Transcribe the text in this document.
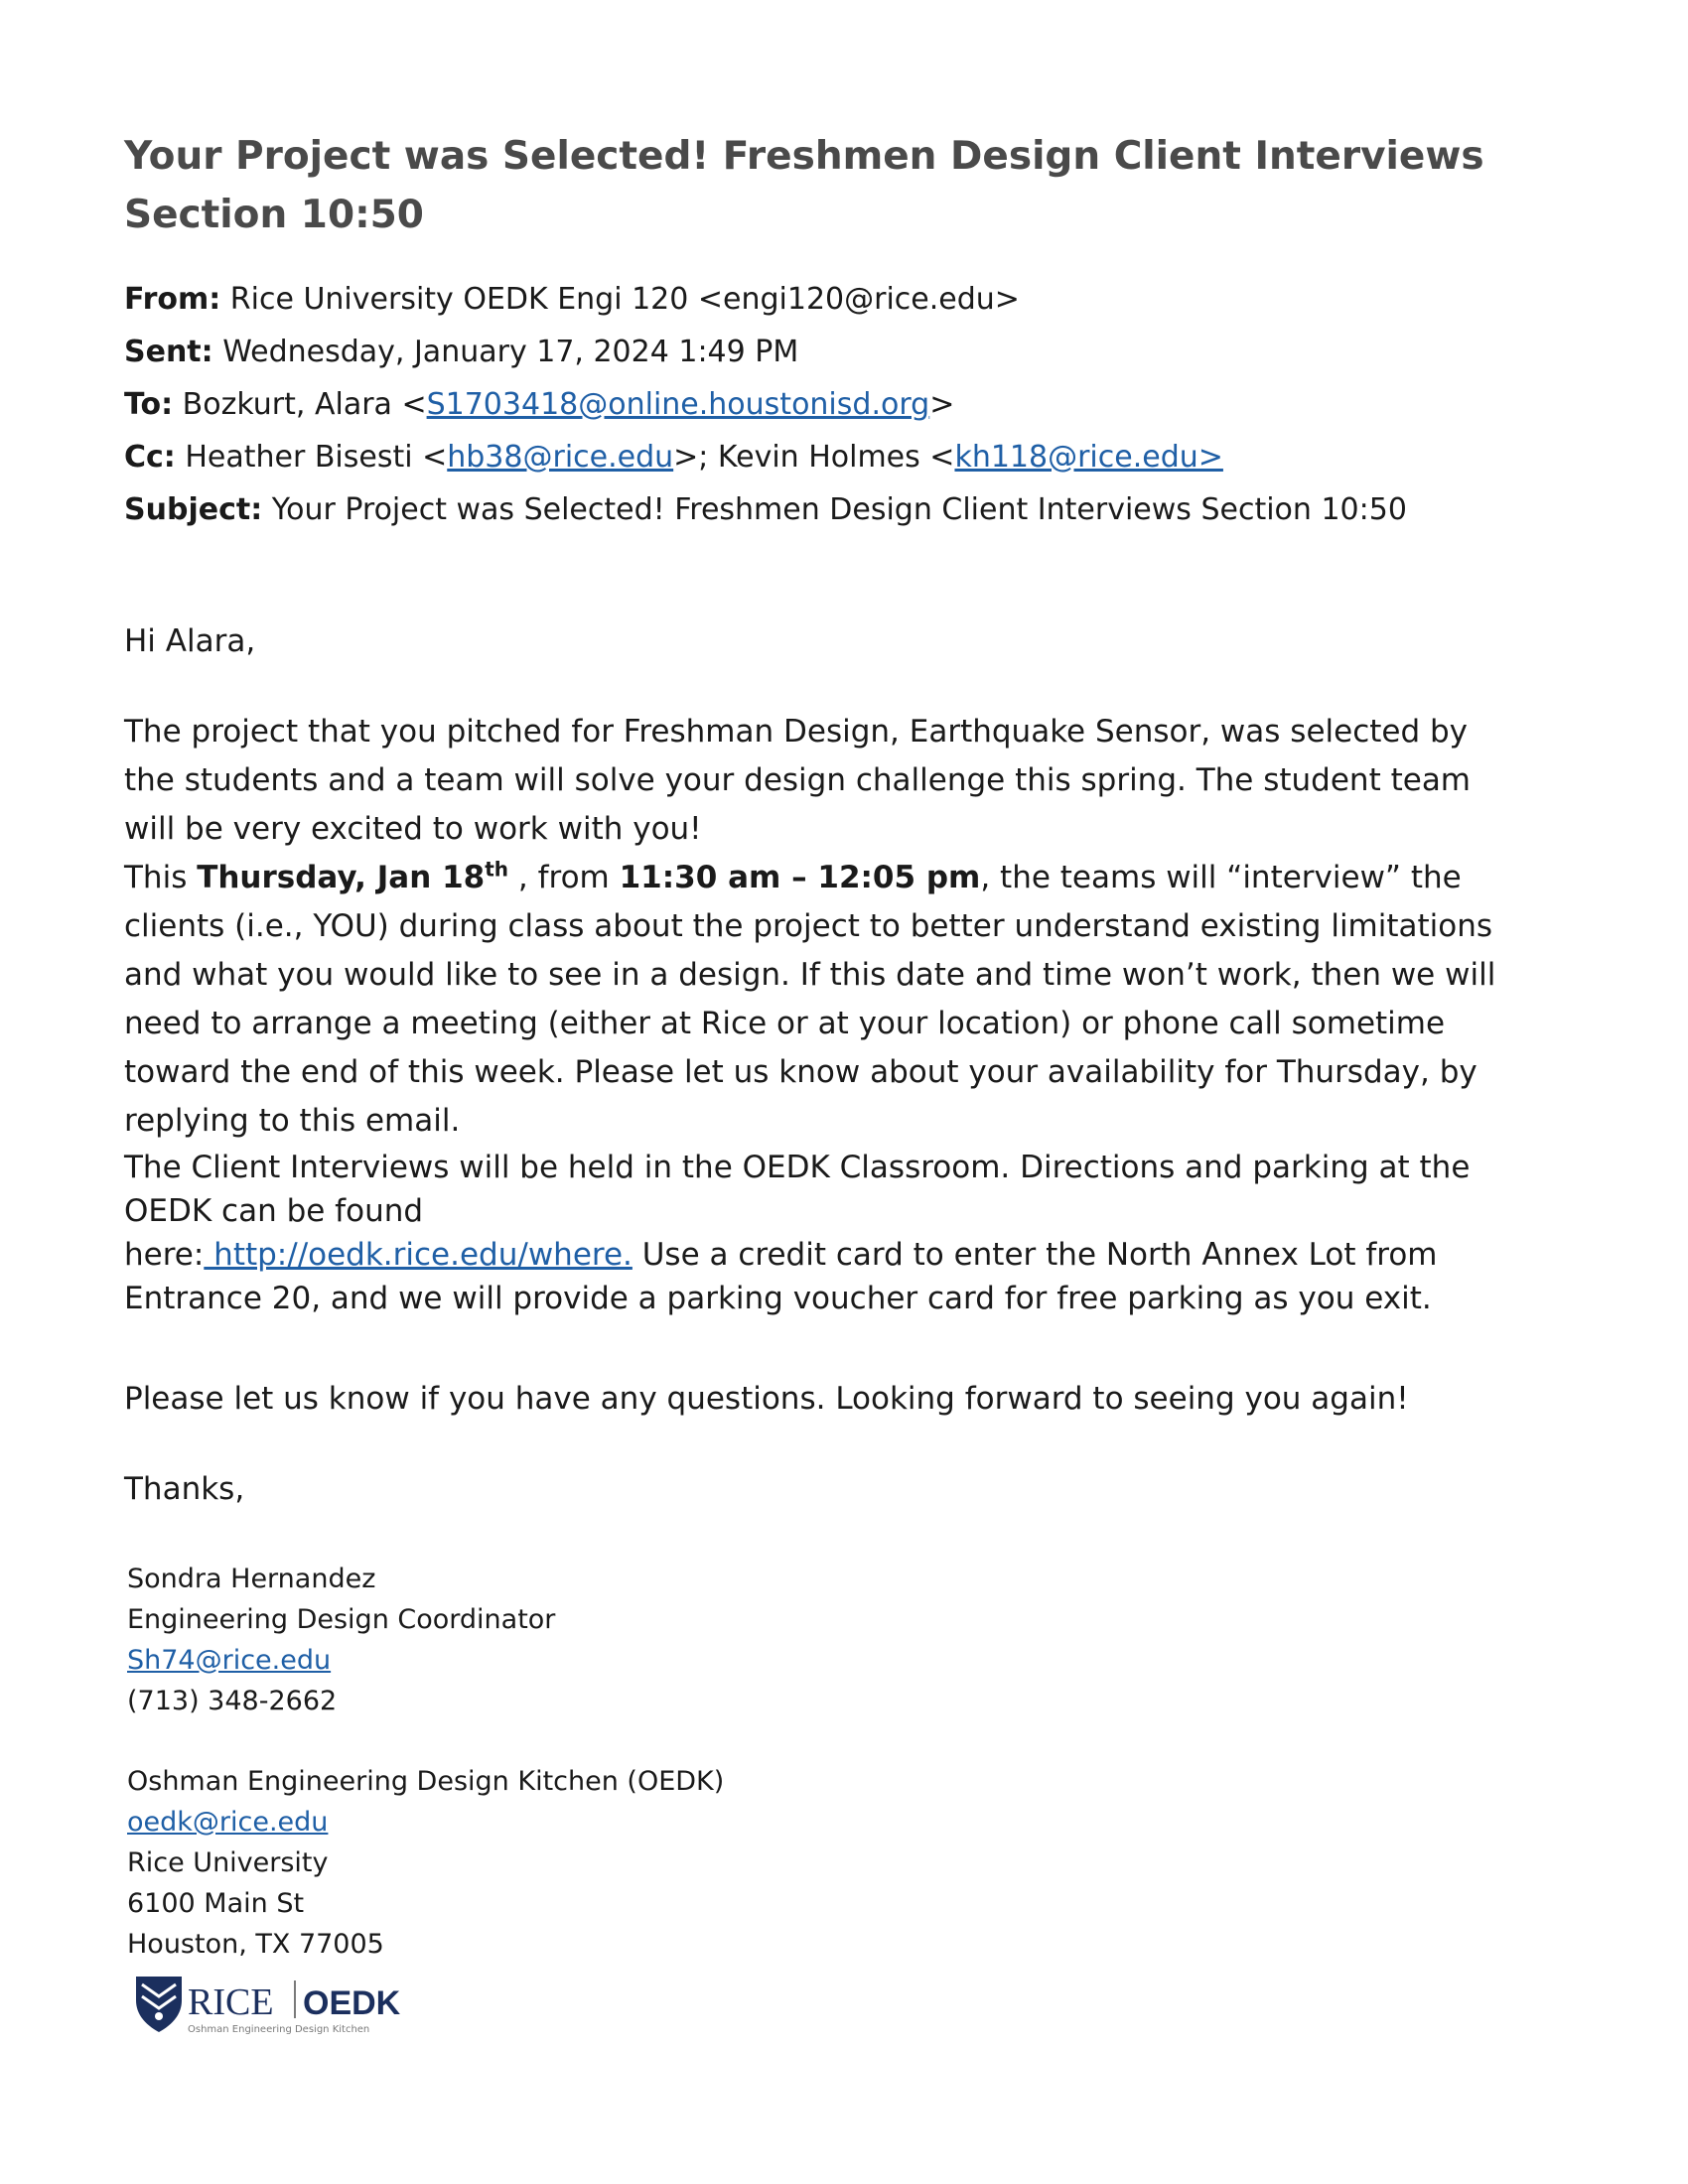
Your Project was Selected! Freshmen Design Client Interviews Section 10:50
From: Rice University OEDK Engi 120 <engi120@rice.edu>
Sent: Wednesday, January 17, 2024 1:49 PM
To: Bozkurt, Alara <S1703418@online.houstonisd.org>
Cc: Heather Bisesti <hb38@rice.edu>; Kevin Holmes <kh118@rice.edu>
Subject: Your Project was Selected! Freshmen Design Client Interviews Section 10:50

Hi Alara,

The project that you pitched for Freshman Design, Earthquake Sensor, was selected by the students and a team will solve your design challenge this spring. The student team will be very excited to work with you!

This Thursday, Jan 18th , from 11:30 am – 12:05 pm, the teams will “interview” the clients (i.e., YOU) during class about the project to better understand existing limitations and what you would like to see in a design. If this date and time won’t work, then we will need to arrange a meeting (either at Rice or at your location) or phone call sometime toward the end of this week. Please let us know about your availability for Thursday, by replying to this email.

The Client Interviews will be held in the OEDK Classroom. Directions and parking at the OEDK can be found
here: http://oedk.rice.edu/where. Use a credit card to enter the North Annex Lot from Entrance 20, and we will provide a parking voucher card for free parking as you exit.

Please let us know if you have any questions. Looking forward to seeing you again!

Thanks,

Sondra Hernandez
Engineering Design Coordinator
Sh74@rice.edu
(713) 348-2662
Oshman Engineering Design Kitchen (OEDK)
oedk@rice.edu
Rice University
6100 Main St
Houston, TX 77005
RICE OEDK
Oshman Engineering Design Kitchen
